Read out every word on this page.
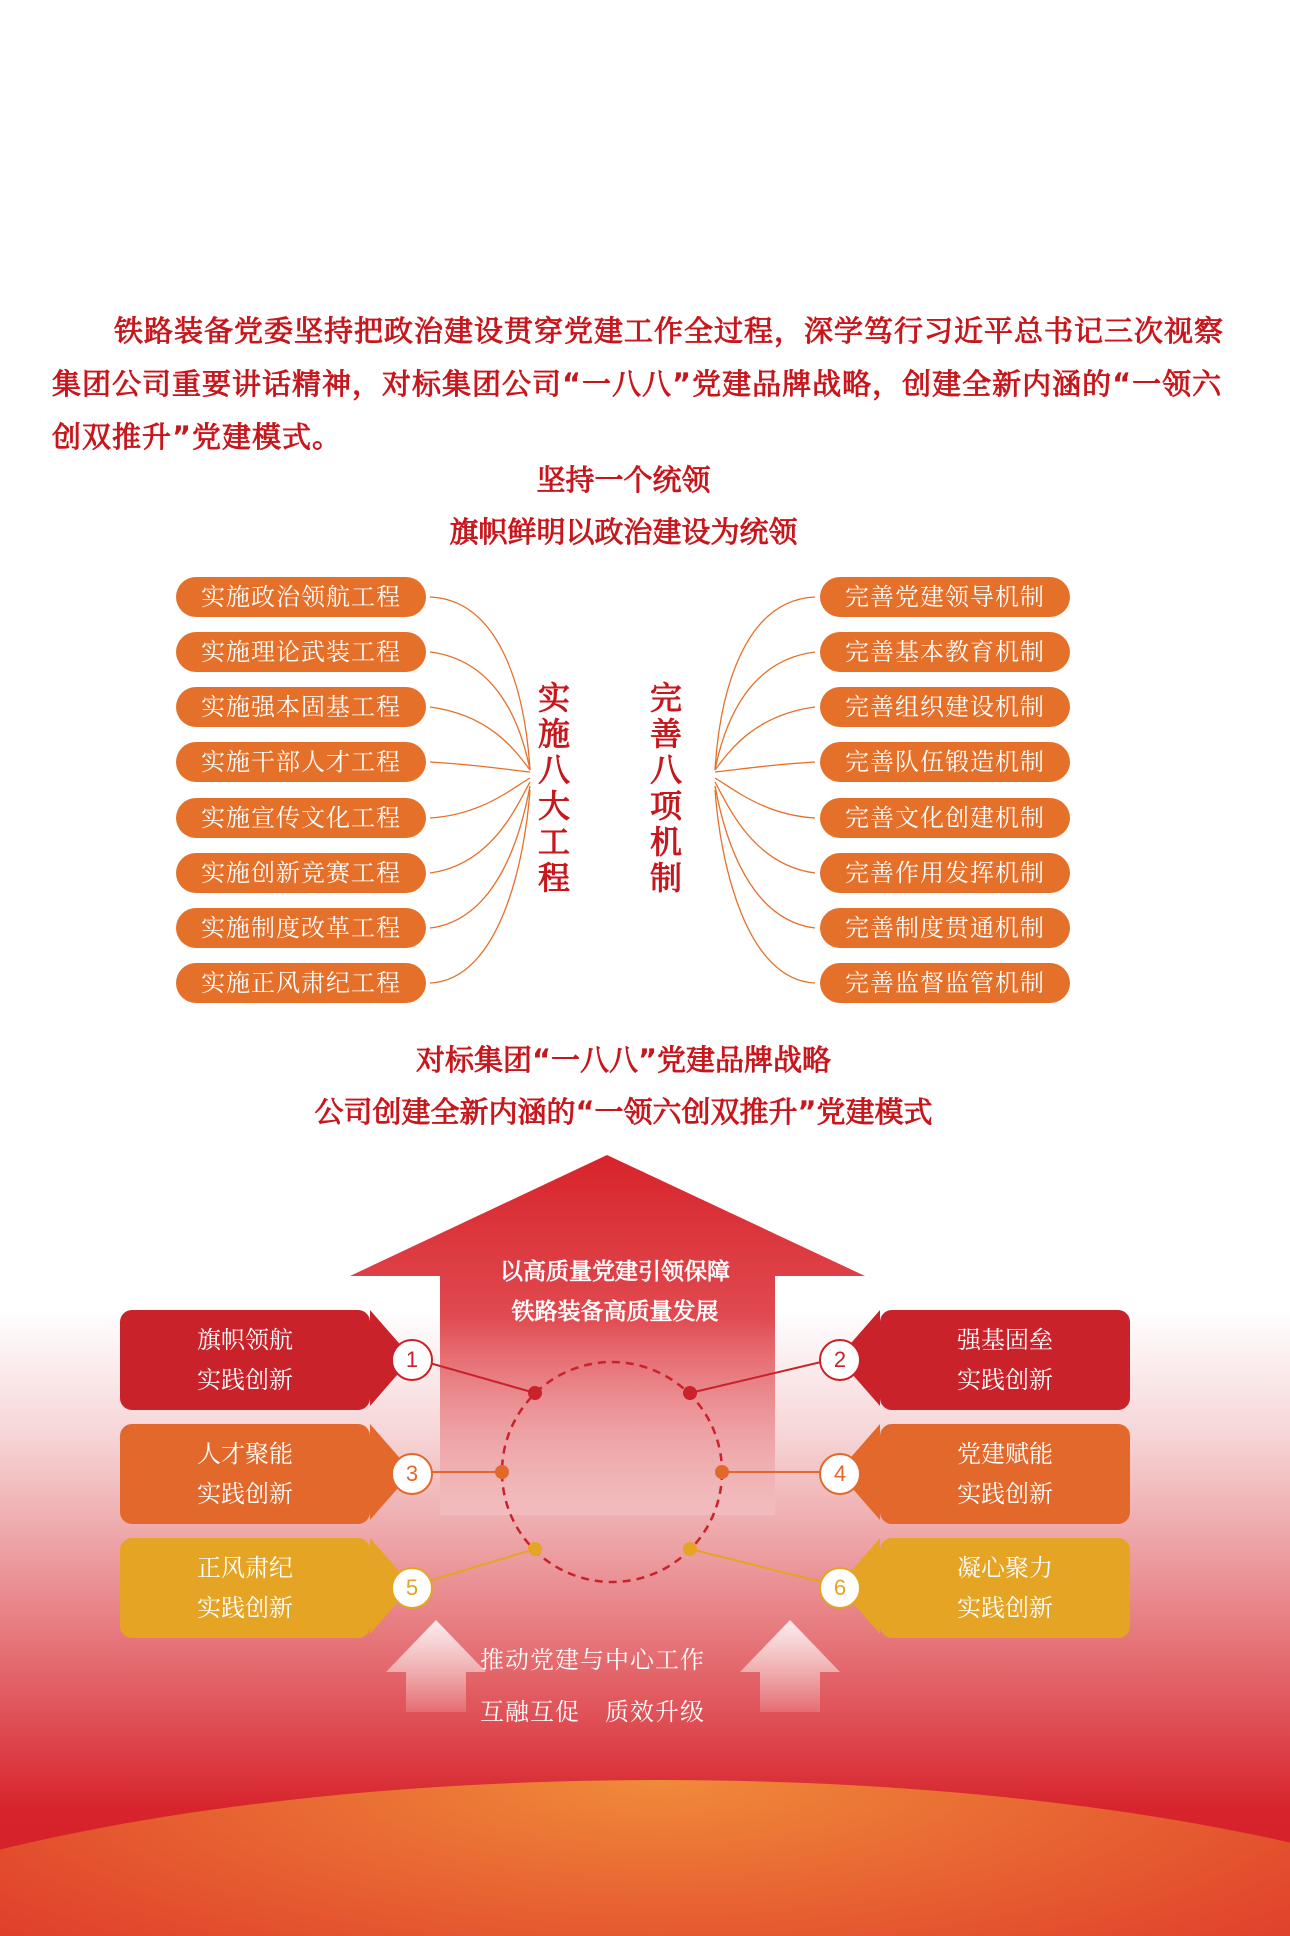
铁路装备党委坚持把政治建设贯穿党建工作全过程，深学笃行习近平总书记三次视察集团公司重要讲话精神，对标集团公司“一八八”党建品牌战略，创建全新内涵的“一领六创双推升”党建模式。
坚持一个统领
旗帜鲜明以政治建设为统领
实施政治领航工程
实施理论武装工程
实施强本固基工程
实施干部人才工程
实施宣传文化工程
实施创新竞赛工程
实施制度改革工程
实施正风肃纪工程
完善党建领导机制
完善基本教育机制
完善组织建设机制
完善队伍锻造机制
完善文化创建机制
完善作用发挥机制
完善制度贯通机制
完善监督监管机制
实施八大工程
完善八项机制
对标集团“一八八”党建品牌战略
公司创建全新内涵的“一领六创双推升”党建模式
以高质量党建引领保障
铁路装备高质量发展
旗帜领航
实践创新
强基固垒
实践创新
人才聚能
实践创新
党建赋能
实践创新
正风肃纪
实践创新
凝心聚力
实践创新
1	2
3	4
5	6
推动党建与中心工作
互融互促　质效升级
